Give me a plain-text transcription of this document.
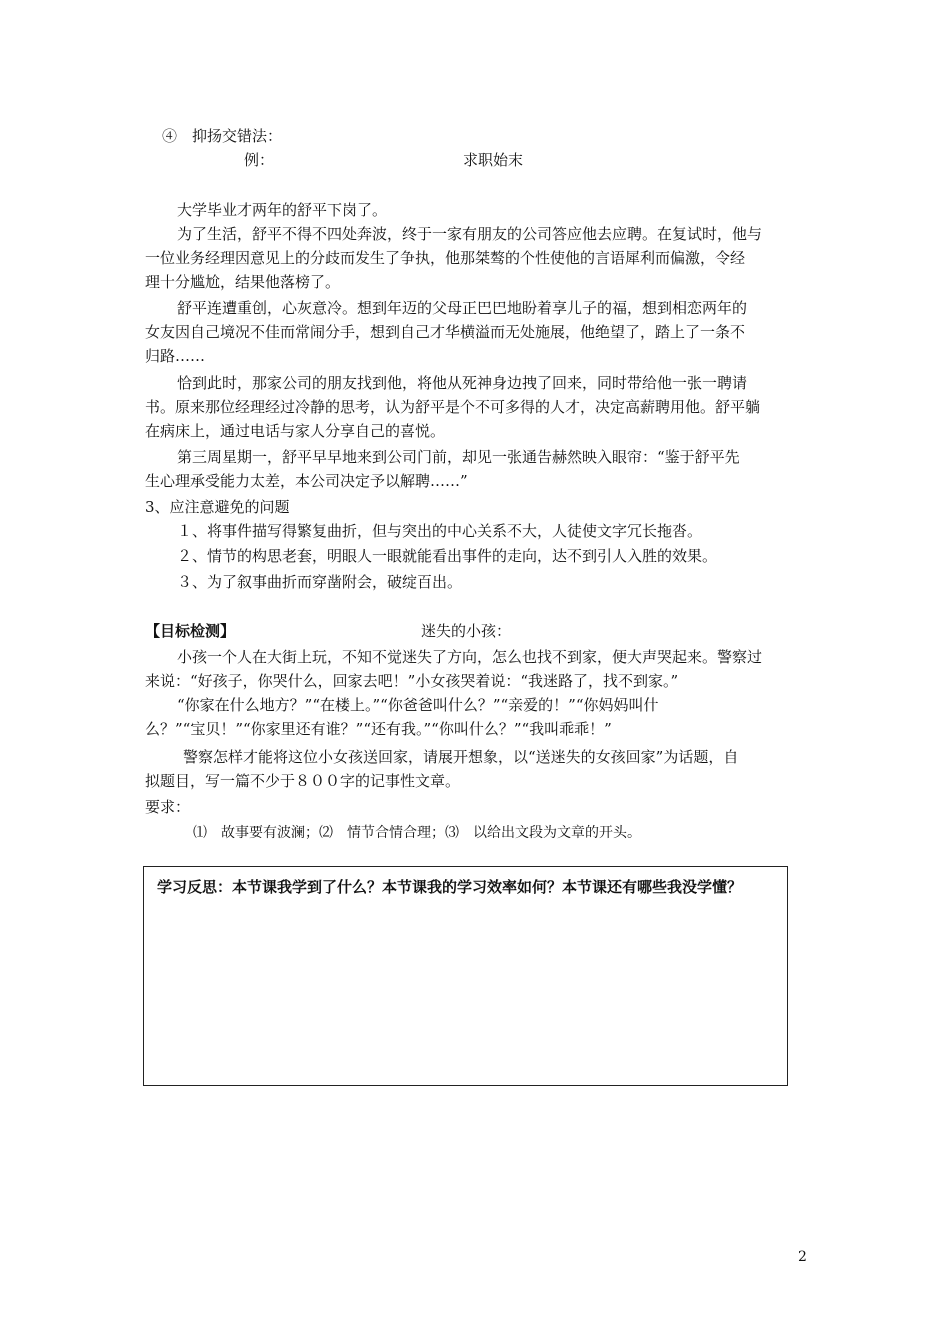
④　抑扬交错法：
例：	求职始末
大学毕业才两年的舒平下岗了。
为了生活，舒平不得不四处奔波，终于一家有朋友的公司答应他去应聘。在复试时，他与
一位业务经理因意见上的分歧而发生了争执，他那桀骜的个性使他的言语犀利而偏激，令经
理十分尴尬，结果他落榜了。
舒平连遭重创，心灰意冷。想到年迈的父母正巴巴地盼着享儿子的福，想到相恋两年的
女友因自己境况不佳而常闹分手，想到自己才华横溢而无处施展，他绝望了，踏上了一条不
归路……
恰到此时，那家公司的朋友找到他，将他从死神身边拽了回来，同时带给他一张一聘请
书。原来那位经理经过冷静的思考，认为舒平是个不可多得的人才，决定高薪聘用他。舒平躺
在病床上，通过电话与家人分享自己的喜悦。
第三周星期一，舒平早早地来到公司门前，却见一张通告赫然映入眼帘：“鉴于舒平先
生心理承受能力太差，本公司决定予以解聘……”
3、应注意避免的问题
１、将事件描写得繁复曲折，但与突出的中心关系不大，人徒使文字冗长拖沓。
２、情节的构思老套，明眼人一眼就能看出事件的走向，达不到引人入胜的效果。
３、为了叙事曲折而穿凿附会，破绽百出。
【目标检测】	迷失的小孩：
小孩一个人在大街上玩，不知不觉迷失了方向，怎么也找不到家，便大声哭起来。警察过
来说：“好孩子，你哭什么，回家去吧！”小女孩哭着说：“我迷路了，找不到家。”
“你家在什么地方？”“在楼上。”“你爸爸叫什么？”“亲爱的！”“你妈妈叫什
么？”“宝贝！”“你家里还有谁？”“还有我。”“你叫什么？”“我叫乖乖！”
警察怎样才能将这位小女孩送回家，请展开想象，以“送迷失的女孩回家”为话题，自
拟题目，写一篇不少于８００字的记事性文章。
要求：
⑴　故事要有波澜；⑵　情节合情合理；⑶　以给出文段为文章的开头。
学习反思：本节课我学到了什么？本节课我的学习效率如何？本节课还有哪些我没学懂？
2
